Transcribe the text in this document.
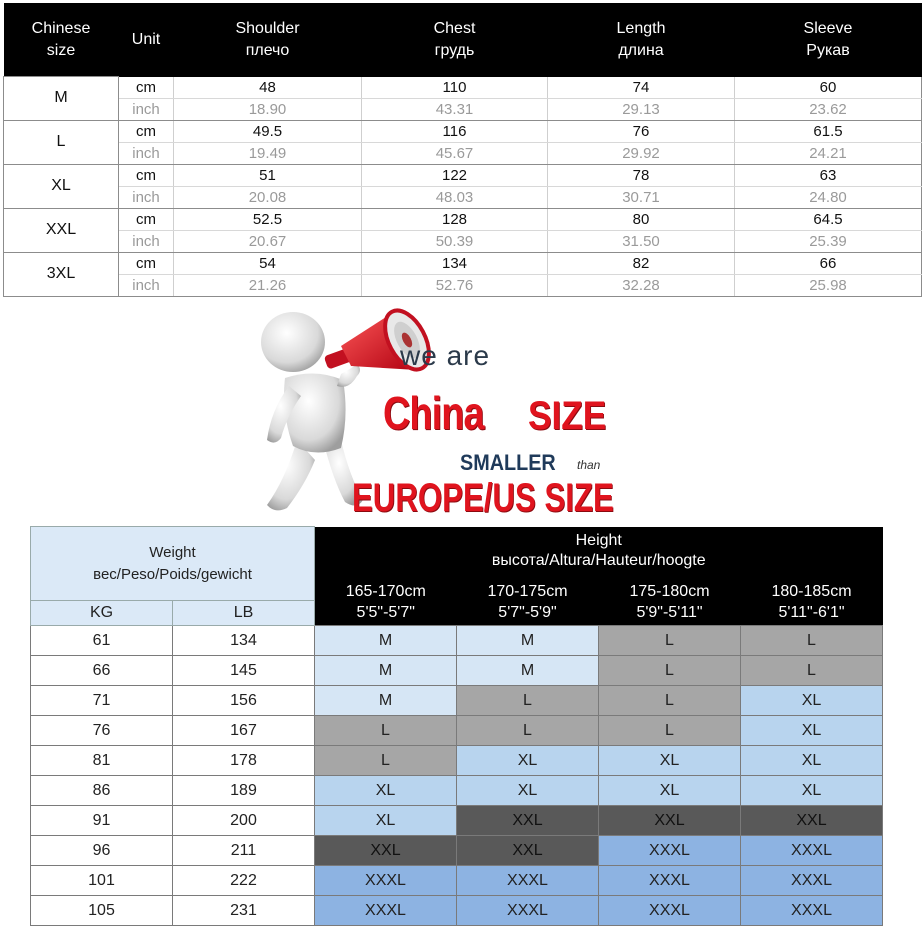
Chinese
size	Unit	Shoulder
плечо	Chest
грудь	Length
длина	Sleeve
Рукав
M	cm	48	110	74	60
	inch	18.90	43.31	29.13	23.62
L	cm	49.5	116	76	61.5
	inch	19.49	45.67	29.92	24.21
XL	cm	51	122	78	63
	inch	20.08	48.03	30.71	24.80
XXL	cm	52.5	128	80	64.5
	inch	20.67	50.39	31.50	25.39
3XL	cm	54	134	82	66
	inch	21.26	52.76	32.28	25.98
we are
China SIZE
SMALLER than
EUROPE/US SIZE
Weight
вес/Peso/Poids/gewicht		Height
высота/Altura/Hauteur/hoogte			
		165-170cm	170-175cm	175-180cm	180-185cm
KG	LB	5'5"-5'7"	5'7"-5'9"	5'9"-5'11"	5'11"-6'1"
61	134	M	M	L	L
66	145	M	M	L	L
71	156	M	L	L	XL
76	167	L	L	L	XL
81	178	L	XL	XL	XL
86	189	XL	XL	XL	XL
91	200	XL	XXL	XXL	XXL
96	211	XXL	XXL	XXXL	XXXL
101	222	XXXL	XXXL	XXXL	XXXL
105	231	XXXL	XXXL	XXXL	XXXL
